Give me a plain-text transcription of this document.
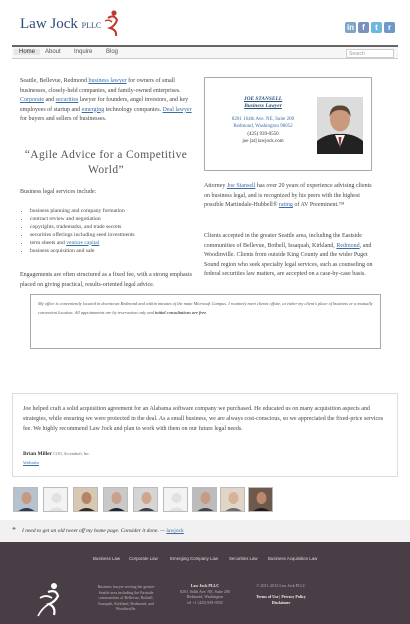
Law Jock PLLC	in	f	t	r
Home	About Inquire Blog	Search

Seattle, Bellevue, Redmond business lawyer for owners of small businesses, closely-held companies, and family-owned enterprises. Corporate and securities lawyer for founders, angel investors, and key employees of startup and emerging technology companies. Deal lawyer for buyers and sellers of businesses.

“Agile Advice for a Competitive World”

Business legal services include:

• business planning and company formation
• contract review and negotiation
• copyrights, trademarks, and trade secrets
• securities offerings including seed investments
• term sheets and venture capital
• business acquisition and sale

Engagements are often structured as a fixed fee, with a strong emphasis placed on giving practical, results-oriented legal advice.

JOE STANSELL
Business Lawyer
8201 164th Ave. NE, Suite 200
Redmond, Washington 98052
(425) 939-0550
joe [at] lawjock.com

Attorney Joe Stansell has over 20 years of experience advising clients on business legal, and is recognized by his peers with the highest possible Martindale-Hubbell® rating of AV Preeminent.™

Clients accepted in the greater Seattle area, including the Eastside communities of Bellevue, Bothell, Issaquah, Kirkland, Redmond, and Woodinville. Clients from outside King County and the wider Puget Sound region who seek specialty legal services, such as counseling on federal securities law matters, are accepted on a case-by-case basis.

My office is conveniently located in downtown Redmond and within minutes of the main Microsoft Campus. I routinely meet clients offsite, at either my client's place of business or a mutually convenient location. All appointments are by reservation only and initial consultations are free.

Joe helped craft a solid acquisition agreement for an Alabama software company we purchased. He educated us on many acquisition aspects and strategies, while ensuring we were protected in the deal. As a small business, we are always cost-conscious, so we appreciated the fixed-price services fee. We highly recommend Law Jock and plan to work with them on our future legal needs.

Brian Miller COO, Accendsoft, Inc.
Website
❝ I need to get an old tweet off my home page. Consider it done. — lawjock
Business Law Corporate Law	Emerging Company Law Securities Law Business Acquisition Law
Business lawyer serving the greater
Seattle area including the Eastside
communities of Bellevue, Bothell,
Issaquah, Kirkland, Redmond, and
Woodinville.
Law Jock PLLC
8201 164th Ave. NE, Suite 200
Redmond, Washington
tel +1 (425) 939-0550
© 2011–2013 Law Jock PLLC

Terms of Use | Privacy Policy
Disclaimer
